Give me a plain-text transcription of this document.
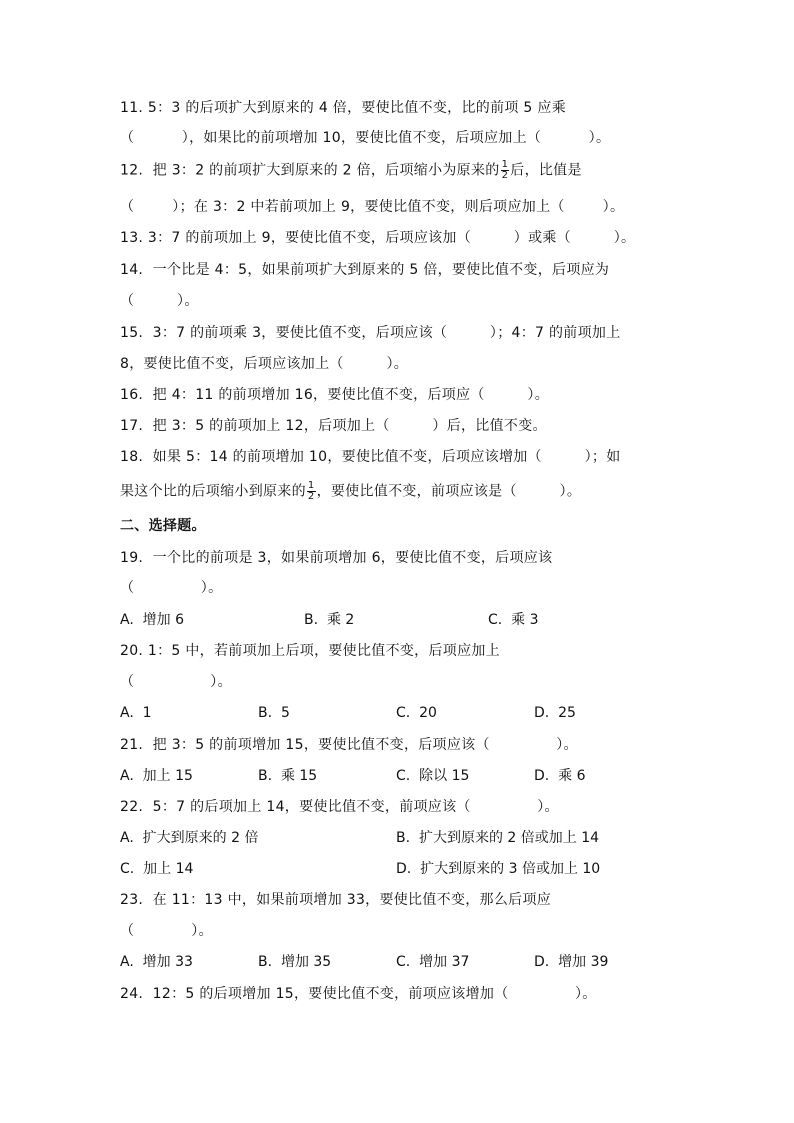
11. 5：3 的后项扩大到原来的 4 倍，要使比值不变，比的前项 5 应乘
（          ），如果比的前项增加 10，要使比值不变，后项应加上（          ）。
12.  把 3：2 的前项扩大到原来的 2 倍，后项缩小为原来的 $\frac{1}{2}$ 后，比值是
（        ）；在 3：2 中若前项加上 9，要使比值不变，则后项应加上（        ）。
13. 3：7 的前项加上 9，要使比值不变，后项应该加（         ）或乘（         ）。
14.  一个比是 4：5，如果前项扩大到原来的 5 倍，要使比值不变，后项应为
（         ）。
15.  3：7 的前项乘 3，要使比值不变，后项应该（         ）；4：7 的前项加上
8，要使比值不变，后项应该加上（         ）。
16.  把 4：11 的前项增加 16，要使比值不变，后项应（         ）。
17.  把 3：5 的前项加上 12，后项加上（         ）后，比值不变。
18.  如果 5：14 的前项增加 10，要使比值不变，后项应该增加（         ）；如
果这个比的后项缩小到原来的 $\frac{1}{2}$ ，要使比值不变，前项应该是（         ）。
二、选择题。
19.  一个比的前项是 3，如果前项增加 6，要使比值不变，后项应该
（              ）。
A.  增加 6	B.  乘 2	C.  乘 3
20. 1：5 中，若前项加上后项，要使比值不变，后项应加上
（                ）。
A.  1	B.  5	C.  20	D.  25
21.  把 3：5 的前项增加 15，要使比值不变，后项应该（              ）。
A.  加上 15	B.  乘 15	C.  除以 15	D.  乘 6
22.  5：7 的后项加上 14，要使比值不变，前项应该（              ）。
A.  扩大到原来的 2 倍	B.  扩大到原来的 2 倍或加上 14
C.  加上 14	D.  扩大到原来的 3 倍或加上 10
23.  在 11：13 中，如果前项增加 33，要使比值不变，那么后项应
（            ）。
A.  增加 33	B.  增加 35	C.  增加 37	D.  增加 39
24.  12：5 的后项增加 15，要使比值不变，前项应该增加（              ）。
